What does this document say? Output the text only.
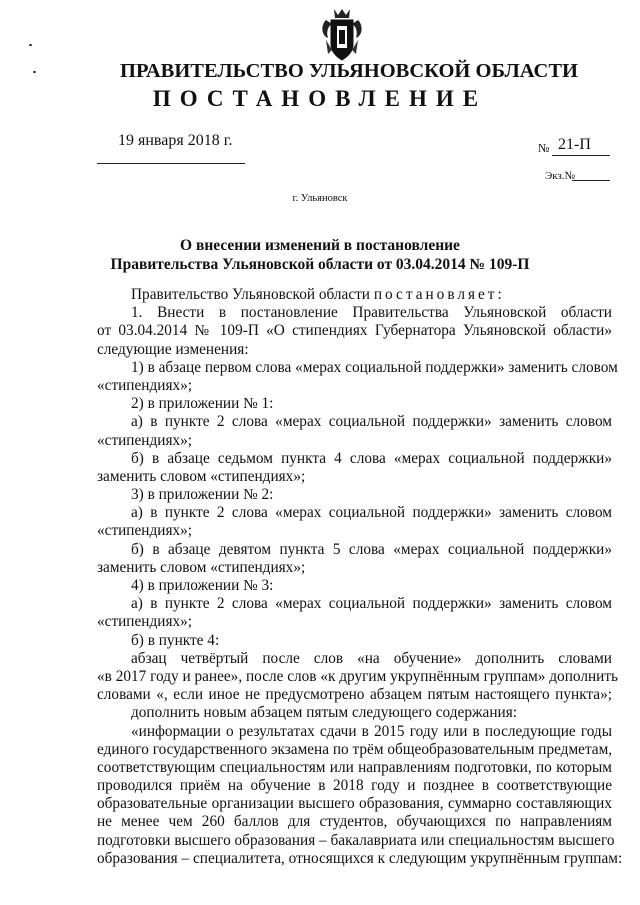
ПРАВИТЕЛЬСТВО УЛЬЯНОВСКОЙ ОБЛАСТИ
ПОСТАНОВЛЕНИЕ
19 января 2018 г.	№ 21-П
Экз.№
г. Ульяновск
О внесении изменений в постановление
Правительства Ульяновской области от 03.04.2014 № 109-П
Правительство Ульяновской области постановляет:
1. Внести в постановление Правительства Ульяновской области
от 03.04.2014 № 109-П «О стипендиях Губернатора Ульяновской области»
следующие изменения:
1) в абзаце первом слова «мерах социальной поддержки» заменить словом
«стипендиях»;
2) в приложении № 1:
а) в пункте 2 слова «мерах социальной поддержки» заменить словом
«стипендиях»;
б) в абзаце седьмом пункта 4 слова «мерах социальной поддержки»
заменить словом «стипендиях»;
3) в приложении № 2:
а) в пункте 2 слова «мерах социальной поддержки» заменить словом
«стипендиях»;
б) в абзаце девятом пункта 5 слова «мерах социальной поддержки»
заменить словом «стипендиях»;
4) в приложении № 3:
а) в пункте 2 слова «мерах социальной поддержки» заменить словом
«стипендиях»;
б) в пункте 4:
абзац четвёртый после слов «на обучение» дополнить словами
«в 2017 году и ранее», после слов «к другим укрупнённым группам» дополнить
словами «, если иное не предусмотрено абзацем пятым настоящего пункта»;
дополнить новым абзацем пятым следующего содержания:
«информации о результатах сдачи в 2015 году или в последующие годы
единого государственного экзамена по трём общеобразовательным предметам,
соответствующим специальностям или направлениям подготовки, по которым
проводился приём на обучение в 2018 году и позднее в соответствующие
образовательные организации высшего образования, суммарно составляющих
не менее чем 260 баллов для студентов, обучающихся по направлениям
подготовки высшего образования – бакалавриата или специальностям высшего
образования – специалитета, относящихся к следующим укрупнённым группам:
